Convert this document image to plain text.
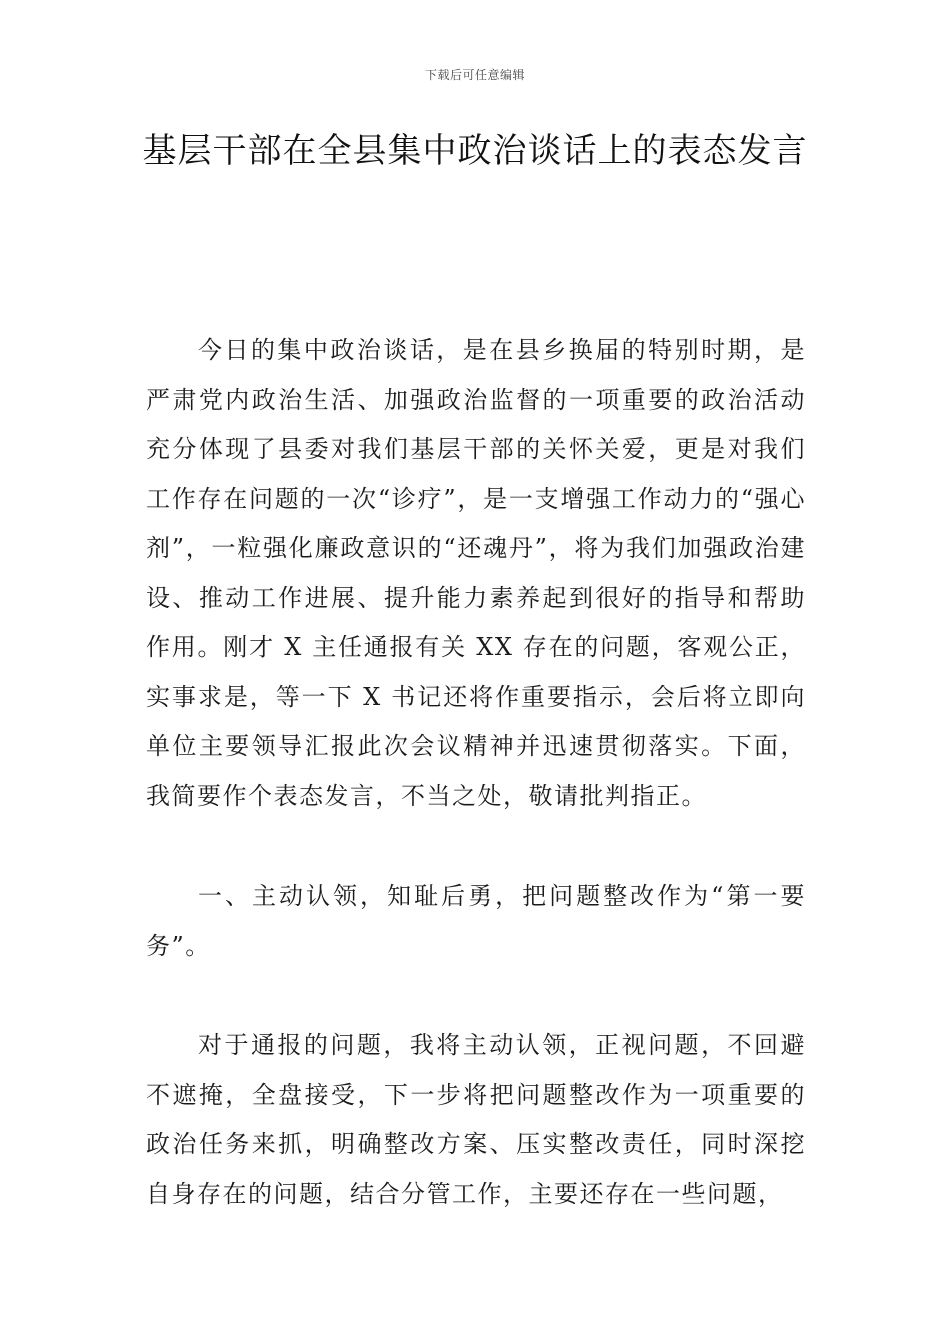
下载后可任意编辑
基层干部在全县集中政治谈话上的表态发言

今日的集中政治谈话，是在县乡换届的特别时期，是严肃党内政治生活、加强政治监督的一项重要的政治活动充分体现了县委对我们基层干部的关怀关爱，更是对我们工作存在问题的一次“诊疗”，是一支增强工作动力的“强心剂”，一粒强化廉政意识的“还魂丹”，将为我们加强政治建设、推动工作进展、提升能力素养起到很好的指导和帮助作用。刚才 X 主任通报有关 XX 存在的问题，客观公正，实事求是，等一下 X 书记还将作重要指示，会后将立即向单位主要领导汇报此次会议精神并迅速贯彻落实。下面，我简要作个表态发言，不当之处，敬请批判指正。

一、主动认领，知耻后勇，把问题整改作为“第一要务”。

对于通报的问题，我将主动认领，正视问题，不回避不遮掩，全盘接受，下一步将把问题整改作为一项重要的政治任务来抓，明确整改方案、压实整改责任，同时深挖自身存在的问题，结合分管工作，主要还存在一些问题，
